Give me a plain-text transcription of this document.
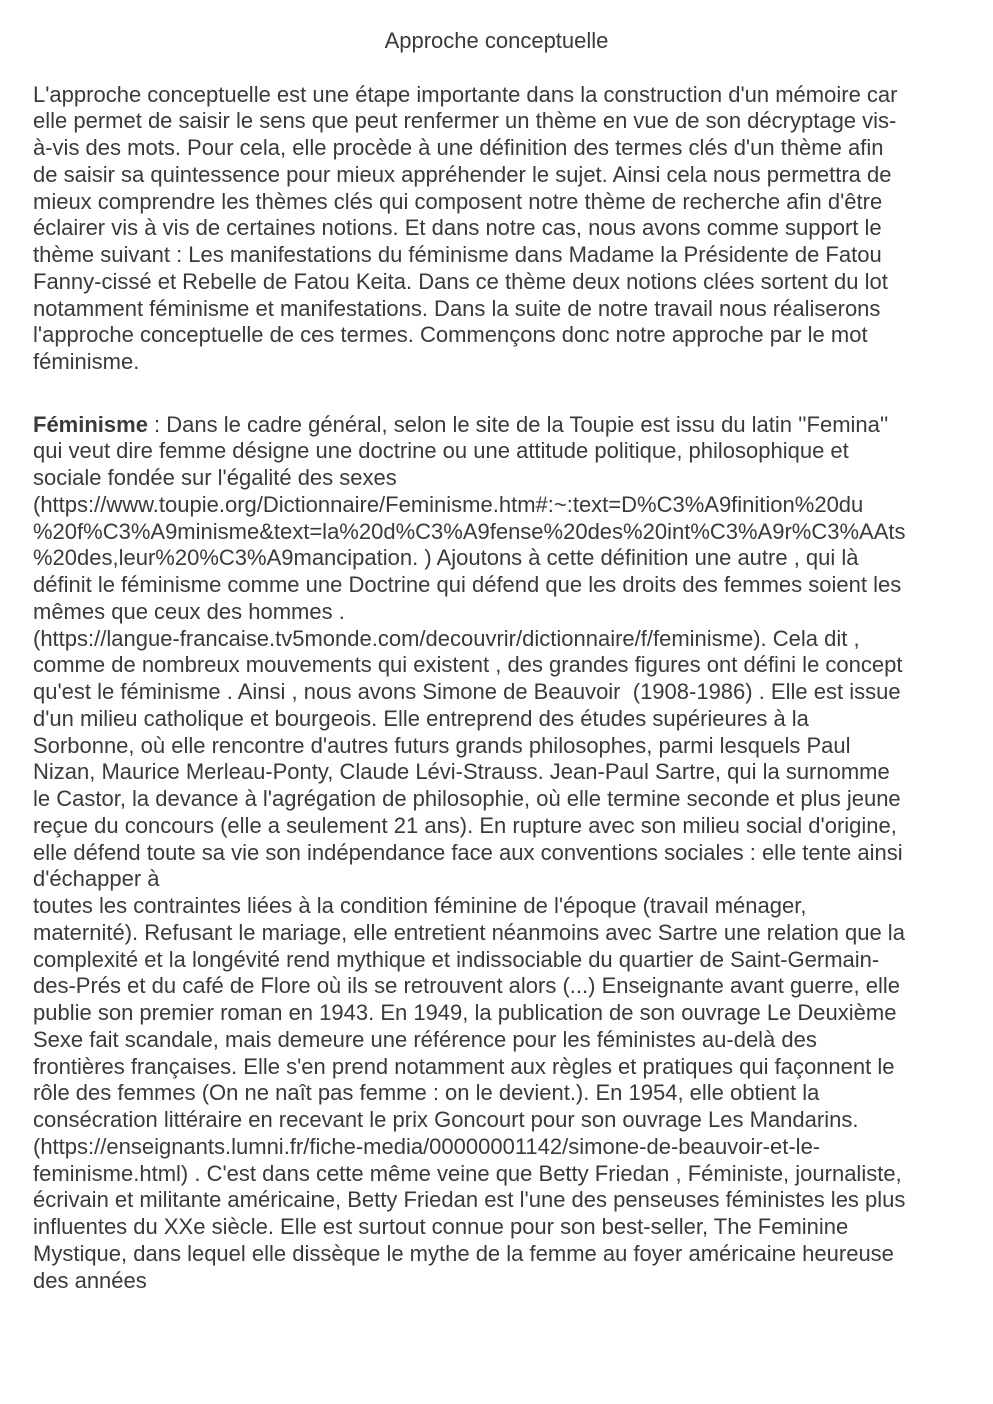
Approche conceptuelle
L'approche conceptuelle est une étape importante dans la construction d'un mémoire car
elle permet de saisir le sens que peut renfermer un thème en vue de son décryptage vis-
à-vis des mots. Pour cela, elle procède à une définition des termes clés d'un thème afin
de saisir sa quintessence pour mieux appréhender le sujet. Ainsi cela nous permettra de
mieux comprendre les thèmes clés qui composent notre thème de recherche afin d'être
éclairer vis à vis de certaines notions. Et dans notre cas, nous avons comme support le
thème suivant : Les manifestations du féminisme dans Madame la Présidente de Fatou
Fanny-cissé et Rebelle de Fatou Keita. Dans ce thème deux notions clées sortent du lot
notamment féminisme et manifestations. Dans la suite de notre travail nous réaliserons
l'approche conceptuelle de ces termes. Commençons donc notre approche par le mot
féminisme.
Féminisme : Dans le cadre général, selon le site de la Toupie est issu du latin ''Femina''
qui veut dire femme désigne une doctrine ou une attitude politique, philosophique et
sociale fondée sur l'égalité des sexes
(https://www.toupie.org/Dictionnaire/Feminisme.htm#:~:text=D%C3%A9finition%20du
%20f%C3%A9minisme&text=la%20d%C3%A9fense%20des%20int%C3%A9r%C3%AAts
%20des,leur%20%C3%A9mancipation. ) Ajoutons à cette définition une autre , qui là
définit le féminisme comme une Doctrine qui défend que les droits des femmes soient les
mêmes que ceux des hommes .
(https://langue-francaise.tv5monde.com/decouvrir/dictionnaire/f/feminisme). Cela dit ,
comme de nombreux mouvements qui existent , des grandes figures ont défini le concept
qu'est le féminisme . Ainsi , nous avons Simone de Beauvoir  (1908-1986) . Elle est issue
d'un milieu catholique et bourgeois. Elle entreprend des études supérieures à la
Sorbonne, où elle rencontre d'autres futurs grands philosophes, parmi lesquels Paul
Nizan, Maurice Merleau-Ponty, Claude Lévi-Strauss. Jean-Paul Sartre, qui la surnomme
le Castor, la devance à l'agrégation de philosophie, où elle termine seconde et plus jeune
reçue du concours (elle a seulement 21 ans). En rupture avec son milieu social d'origine,
elle défend toute sa vie son indépendance face aux conventions sociales : elle tente ainsi
d'échapper à
toutes les contraintes liées à la condition féminine de l'époque (travail ménager,
maternité). Refusant le mariage, elle entretient néanmoins avec Sartre une relation que la
complexité et la longévité rend mythique et indissociable du quartier de Saint-Germain-
des-Prés et du café de Flore où ils se retrouvent alors (...) Enseignante avant guerre, elle
publie son premier roman en 1943. En 1949, la publication de son ouvrage Le Deuxième
Sexe fait scandale, mais demeure une référence pour les féministes au-delà des
frontières françaises. Elle s'en prend notamment aux règles et pratiques qui façonnent le
rôle des femmes (On ne naît pas femme : on le devient.). En 1954, elle obtient la
consécration littéraire en recevant le prix Goncourt pour son ouvrage Les Mandarins.
(https://enseignants.lumni.fr/fiche-media/00000001142/simone-de-beauvoir-et-le-
feminisme.html) . C'est dans cette même veine que Betty Friedan , Féministe, journaliste,
écrivain et militante américaine, Betty Friedan est l'une des penseuses féministes les plus
influentes du XXe siècle. Elle est surtout connue pour son best-seller, The Feminine
Mystique, dans lequel elle dissèque le mythe de la femme au foyer américaine heureuse
des années
